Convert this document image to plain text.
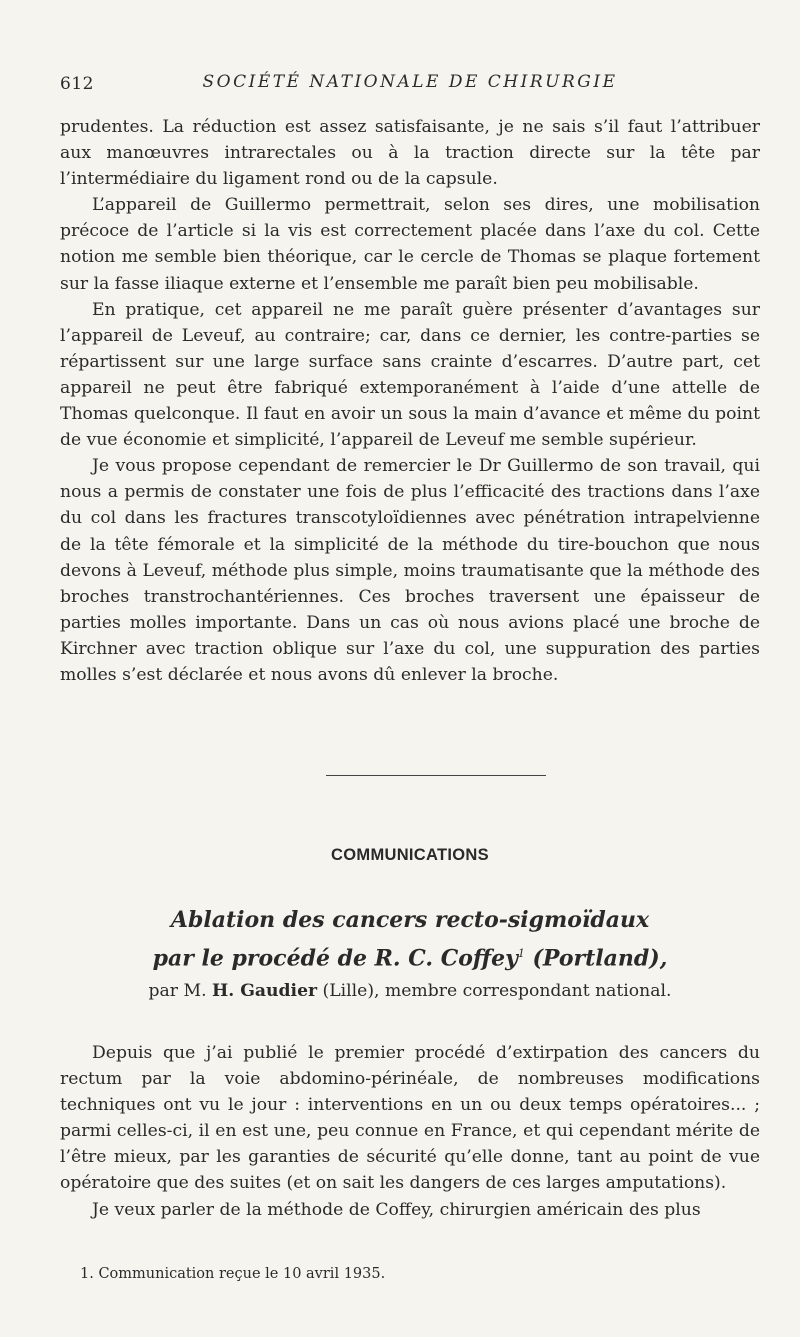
612	SOCIÉTÉ NATIONALE DE CHIRURGIE

prudentes. La réduction est assez satisfaisante, je ne sais s’il faut l’attribuer aux manœuvres intrarectales ou à la traction directe sur la tête par l’intermédiaire du ligament rond ou de la capsule.

L’appareil de Guillermo permettrait, selon ses dires, une mobilisation précoce de l’article si la vis est correctement placée dans l’axe du col. Cette notion me semble bien théorique, car le cercle de Thomas se plaque fortement sur la fasse iliaque externe et l’ensemble me paraît bien peu mobilisable.

En pratique, cet appareil ne me paraît guère présenter d’avantages sur l’appareil de Leveuf, au contraire; car, dans ce dernier, les contre-parties se répartissent sur une large surface sans crainte d’escarres. D’autre part, cet appareil ne peut être fabriqué extemporanément à l’aide d’une attelle de Thomas quelconque. Il faut en avoir un sous la main d’avance et même du point de vue économie et simplicité, l’appareil de Leveuf me semble supérieur.

Je vous propose cependant de remercier le Dr Guillermo de son travail, qui nous a permis de constater une fois de plus l’efficacité des tractions dans l’axe du col dans les fractures transcotyloïdiennes avec pénétration intrapelvienne de la tête fémorale et la simplicité de la méthode du tire-bouchon que nous devons à Leveuf, méthode plus simple, moins traumatisante que la méthode des broches transtrochantériennes. Ces broches traversent une épaisseur de parties molles importante. Dans un cas où nous avions placé une broche de Kirchner avec traction oblique sur l’axe du col, une suppuration des parties molles s’est déclarée et nous avons dû enlever la broche.

COMMUNICATIONS
Ablation des cancers recto-sigmoïdaux
par le procédé de R. C. Coffey$^1$ (Portland),
par M. H. Gaudier (Lille), membre correspondant national.

Depuis que j’ai publié le premier procédé d’extirpation des cancers du rectum par la voie abdomino-périnéale, de nombreuses modifications techniques ont vu le jour : interventions en un ou deux temps opératoires... ; parmi celles-ci, il en est une, peu connue en France, et qui cependant mérite de l’être mieux, par les garanties de sécurité qu’elle donne, tant au point de vue opératoire que des suites (et on sait les dangers de ces larges amputations).

Je veux parler de la méthode de Coffey, chirurgien américain des plus

1. Communication reçue le 10 avril 1935.
